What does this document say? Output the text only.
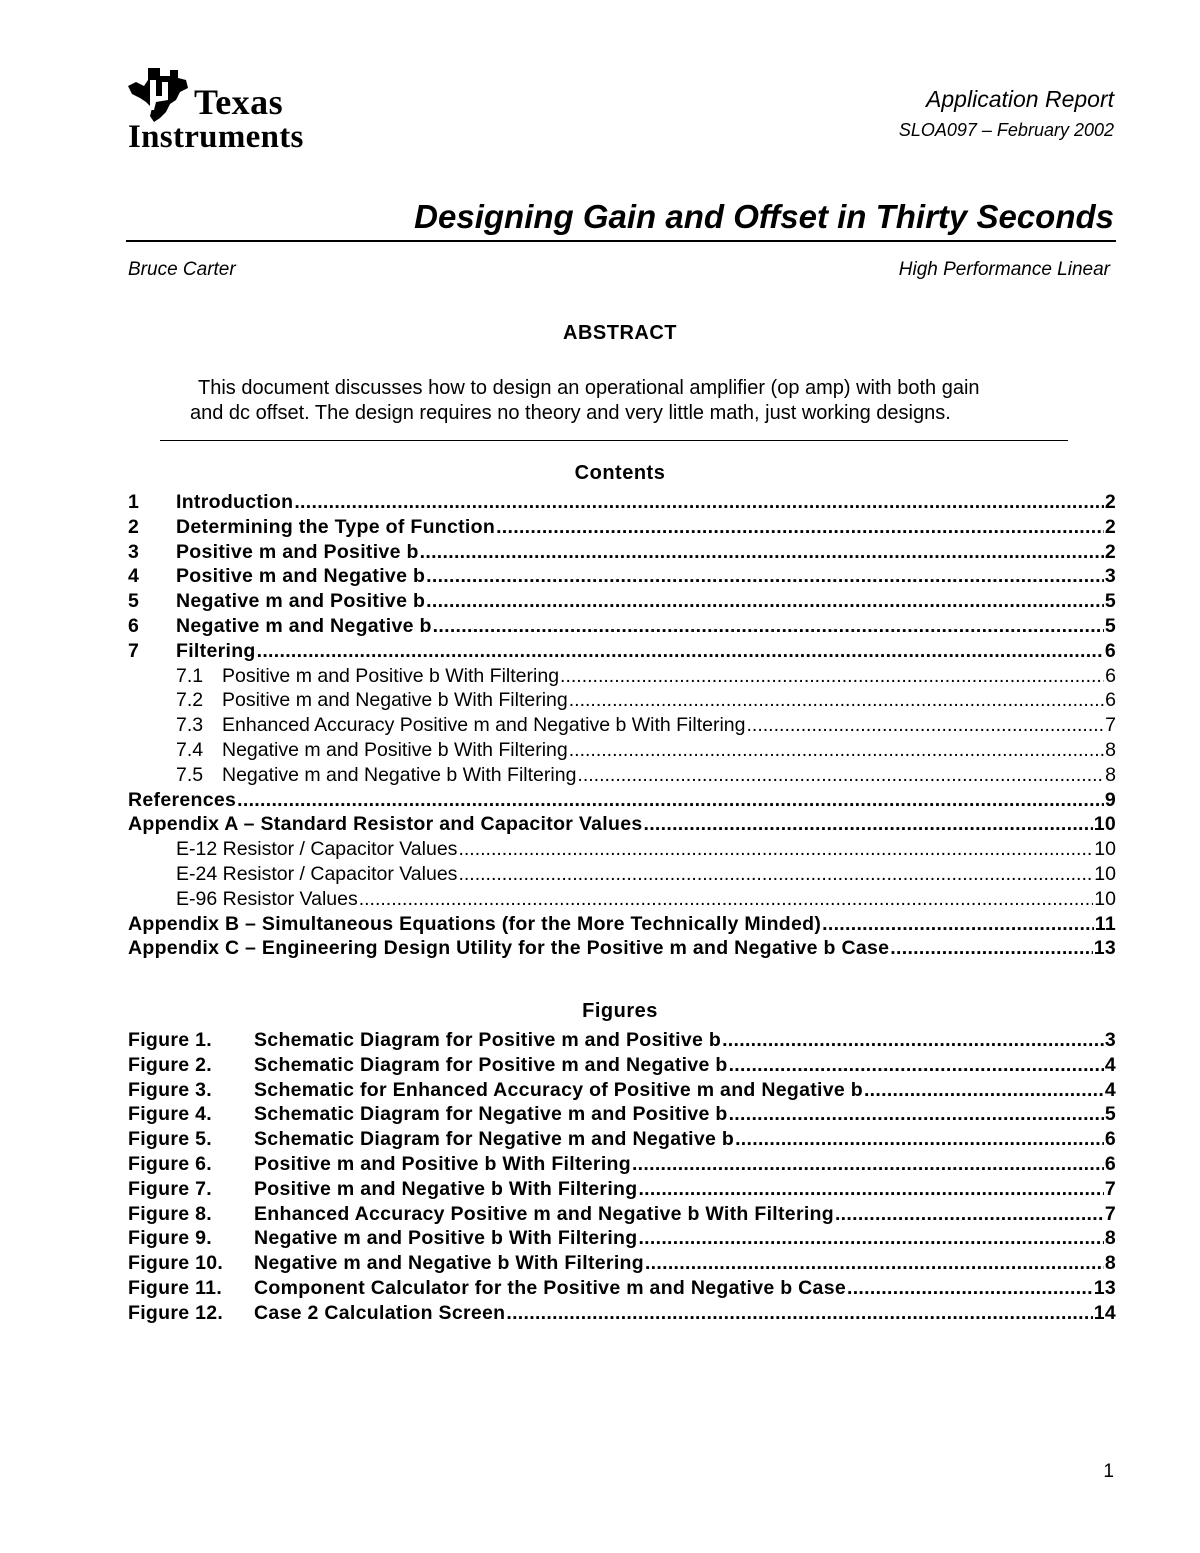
Texas
Instruments
Application Report
SLOA097 – February 2002
Designing Gain and Offset in Thirty Seconds
Bruce Carter	High Performance Linear
ABSTRACT
This document discusses how to design an operational amplifier (op amp) with both gain
and dc offset. The design requires no theory and very little math, just working designs.
Contents
1	Introduction .....	2
2	Determining the Type of Function .....	2
3	Positive m and Positive b .....	2
4	Positive m and Negative b .....	3
5	Negative m and Positive b .....	5
6	Negative m and Negative b .....	5
7	Filtering .....	6
7.1 Positive m and Positive b With Filtering .....	6
7.2 Positive m and Negative b With Filtering .....	6
7.3 Enhanced Accuracy Positive m and Negative b With Filtering .....	7
7.4 Negative m and Positive b With Filtering .....	8
7.5 Negative m and Negative b With Filtering .....	8
References .....	9
Appendix A – Standard Resistor and Capacitor Values .....	10
E-12 Resistor / Capacitor Values .....	10
E-24 Resistor / Capacitor Values .....	10
E-96 Resistor Values .....	10
Appendix B – Simultaneous Equations (for the More Technically Minded) .....	11
Appendix C – Engineering Design Utility for the Positive m and Negative b Case .....	13
Figures
Figure 1.	Schematic Diagram for Positive m and Positive b .....	3
Figure 2.	Schematic Diagram for Positive m and Negative b .....	4
Figure 3.	Schematic for Enhanced Accuracy of Positive m and Negative b .....	4
Figure 4.	Schematic Diagram for Negative m and Positive b .....	5
Figure 5.	Schematic Diagram for Negative m and Negative b .....	6
Figure 6.	Positive m and Positive b With Filtering .....	6
Figure 7.	Positive m and Negative b With Filtering .....	7
Figure 8.	Enhanced Accuracy Positive m and Negative b With Filtering .....	7
Figure 9.	Negative m and Positive b With Filtering .....	8
Figure 10.	Negative m and Negative b With Filtering .....	8
Figure 11.	Component Calculator for the Positive m and Negative b Case .....	13
Figure 12.	Case 2 Calculation Screen .....	14
1
